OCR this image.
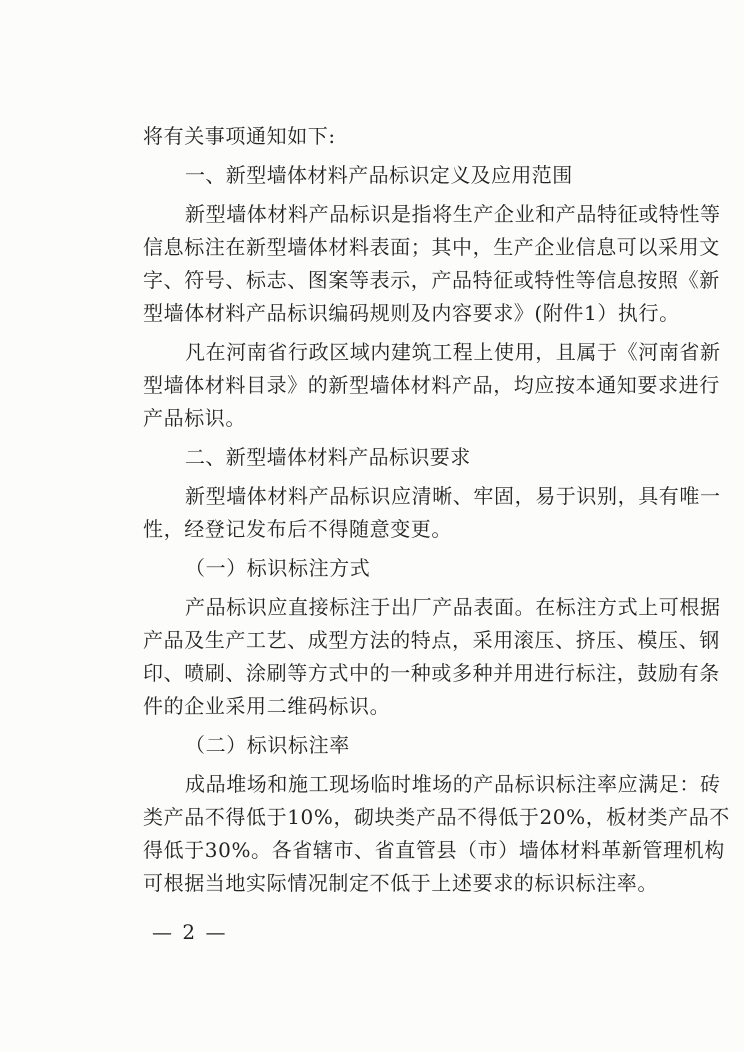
将有关事项通知如下:
一、新型墙体材料产品标识定义及应用范围
新型墙体材料产品标识是指将生产企业和产品特征或特性等
信息标注在新型墙体材料表面；其中，生产企业信息可以采用文
字、符号、标志、图案等表示，产品特征或特性等信息按照《新
型墙体材料产品标识编码规则及内容要求》(附件1）执行。
凡在河南省行政区域内建筑工程上使用，且属于《河南省新
型墙体材料目录》的新型墙体材料产品，均应按本通知要求进行
产品标识。
二、新型墙体材料产品标识要求
新型墙体材料产品标识应清晰、牢固，易于识别，具有唯一
性，经登记发布后不得随意变更。
（一）标识标注方式
产品标识应直接标注于出厂产品表面。在标注方式上可根据
产品及生产工艺、成型方法的特点，采用滚压、挤压、模压、钢
印、喷刷、涂刷等方式中的一种或多种并用进行标注，鼓励有条
件的企业采用二维码标识。
（二）标识标注率
成品堆场和施工现场临时堆场的产品标识标注率应满足：砖
类产品不得低于10%，砌块类产品不得低于20%，板材类产品不
得低于30%。各省辖市、省直管县（市）墙体材料革新管理机构
可根据当地实际情况制定不低于上述要求的标识标注率。
— 2 —
